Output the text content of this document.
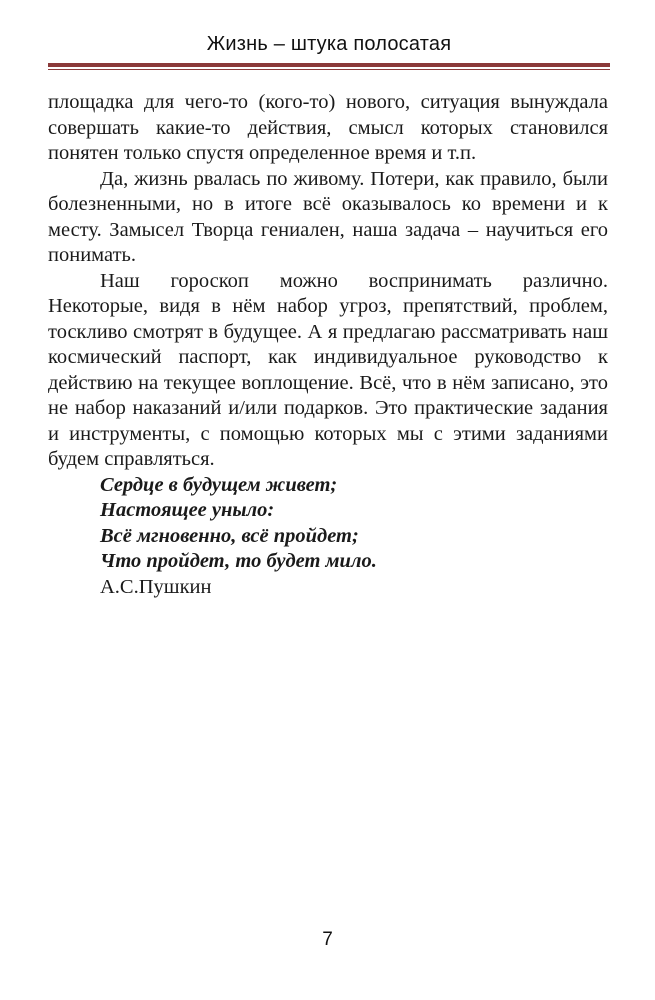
Жизнь – штука полосатая

площадка для чего-то (кого-то) нового, ситуация вынуждала совершать какие-то действия, смысл которых становился понятен только спустя определенное время и т.п.

Да, жизнь рвалась по живому. Потери, как правило, были болезненными, но в итоге всё оказывалось ко времени и к месту. Замысел Творца гениален, наша задача – научиться его понимать.

Наш гороскоп можно воспринимать различно. Некоторые, видя в нём набор угроз, препятствий, проблем, тоскливо смотрят в будущее. А я предлагаю рассматривать наш космический паспорт, как индивидуальное руководство к действию на текущее воплощение. Всё, что в нём записано, это не набор наказаний и/или подарков. Это практические задания и инструменты, с помощью которых мы с этими заданиями будем справляться.

Сердце в будущем живет;
Настоящее уныло:
Всё мгновенно, всё пройдет;
Что пройдет, то будет мило.
А.С.Пушкин
7
